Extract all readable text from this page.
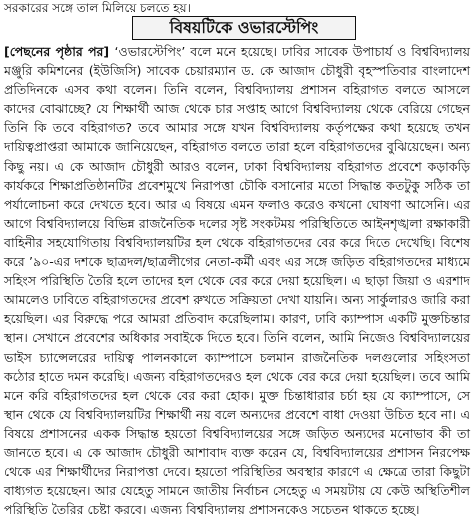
সরকারের সঙ্গে তাল মিলিয়ে চলতে হয়।
বিষয়টিকে ওভারস্টেপিং
[পেছনের পৃষ্ঠার পর] ‘ওভারস্টেপিং’ বলে মনে হয়েছে। ঢাবির সাবেক উপাচার্য ও বিশ্ববিদ্যালয় মঞ্জুরি কমিশনের (ইউজিসি) সাবেক চেয়ারম্যান ড. কে আজাদ চৌধুরী বৃহস্পতিবার বাংলাদেশ প্রতিদিনকে এসব কথা বলেন। তিনি বলেন, বিশ্ববিদ্যালয় প্রশাসন বহিরাগত বলতে আসলে কাদের বোঝাচ্ছে? যে শিক্ষার্থী আজ থেকে চার সপ্তাহ আগে বিশ্ববিদ্যালয় থেকে বেরিয়ে গেছেন তিনি কি তবে বহিরাগত? তবে আমার সঙ্গে যখন বিশ্ববিদ্যালয় কর্তৃপক্ষের কথা হয়েছে তখন দায়িত্বপ্রাপ্তরা আমাকে জানিয়েছেন, বহিরাগত বলতে তারা হলে বহিরাগতদের বুঝিয়েছেন। অন্য কিছু নয়। এ কে আজাদ চৌধুরী আরও বলেন, ঢাকা বিশ্ববিদ্যালয় বহিরাগত প্রবেশে কড়াকড়ি কার্যকরে শিক্ষাপ্রতিষ্ঠানটির প্রবেশমুখে নিরাপত্তা চৌকি বসানোর মতো সিদ্ধান্ত কতটুকু সঠিক তা পর্যালোচনা করে দেখতে হবে। আর এ বিষয়ে এমন ফলাও করেও কখনো ঘোষণা আসেনি। এর আগে বিশ্ববিদ্যালয়ে বিভিন্ন রাজনৈতিক দলের সৃষ্ট সংকটময় পরিস্থিতিতে আইনশৃঙ্খলা রক্ষাকারী বাহিনীর সহযোগিতায় বিশ্ববিদ্যালয়টির হল থেকে বহিরাগতদের বের করে দিতে দেখেছি। বিশেষ করে ’৯০-এর দশকে ছাত্রদল/ছাত্রলীগের নেতা-কর্মী এবং এর সঙ্গে জড়িত বহিরাগতদের মাধ্যমে সহিংস পরিস্থিতি তৈরি হলে তাদের হল থেকে বের করে দেয়া হয়েছিল। এ ছাড়া জিয়া ও এরশাদ আমলেও ঢাবিতে বহিরাগতদের প্রবেশ রুখতে সক্রিয়তা দেখা যায়নি। অন্য সার্কুলারও জারি করা হয়েছিল। এর বিরুদ্ধে পরে আমরা প্রতিবাদ করেছিলাম। কারণ, ঢাবি ক্যাম্পাস একটি মুক্তচিন্তার স্থান। সেখানে প্রবেশের অধিকার সবাইকে দিতে হবে। তিনি বলেন, আমি নিজেও বিশ্ববিদ্যালয়ের ভাইস চ্যান্সেলরের দায়িত্ব পালনকালে ক্যাম্পাসে চলমান রাজনৈতিক দলগুলোর সহিংসতা কঠোর হাতে দমন করেছি। এজন্য বহিরাগতদেরও হল থেকে বের করে দেয়া হয়েছিল। তবে আমি মনে করি বহিরাগতদের হল থেকে বের করা হোক। মুক্ত চিন্তাধারার চর্চা হয় যে ক্যাম্পাসে, সে স্থান থেকে যে বিশ্ববিদ্যালয়টির শিক্ষার্থী নয় বলে অন্যদের প্রবেশে বাধা দেওয়া উচিত হবে না। এ বিষয়ে প্রশাসনের একক সিদ্ধান্ত হয়তো বিশ্ববিদ্যালয়ের সঙ্গে জড়িত অন্যদের মনোভাব কী তা জানতে হবে। এ কে আজাদ চৌধুরী আশাবাদ ব্যক্ত করেন যে, বিশ্ববিদ্যালয়ের প্রশাসন নিরপেক্ষ থেকে এর শিক্ষার্থীদের নিরাপত্তা দেবে। হয়তো পরিস্থিতির অবস্থার কারণে এ ক্ষেত্রে তারা কিছুটা বাধ্যগত হয়েছেন। আর যেহেতু সামনে জাতীয় নির্বাচন সেহেতু এ সময়টায় যে কেউ অস্থিতিশীল পরিস্থিতি তৈরির চেষ্টা করবে। এজন্য বিশ্ববিদ্যালয় প্রশাসনকেও সচেতন থাকতে হচ্ছে।
